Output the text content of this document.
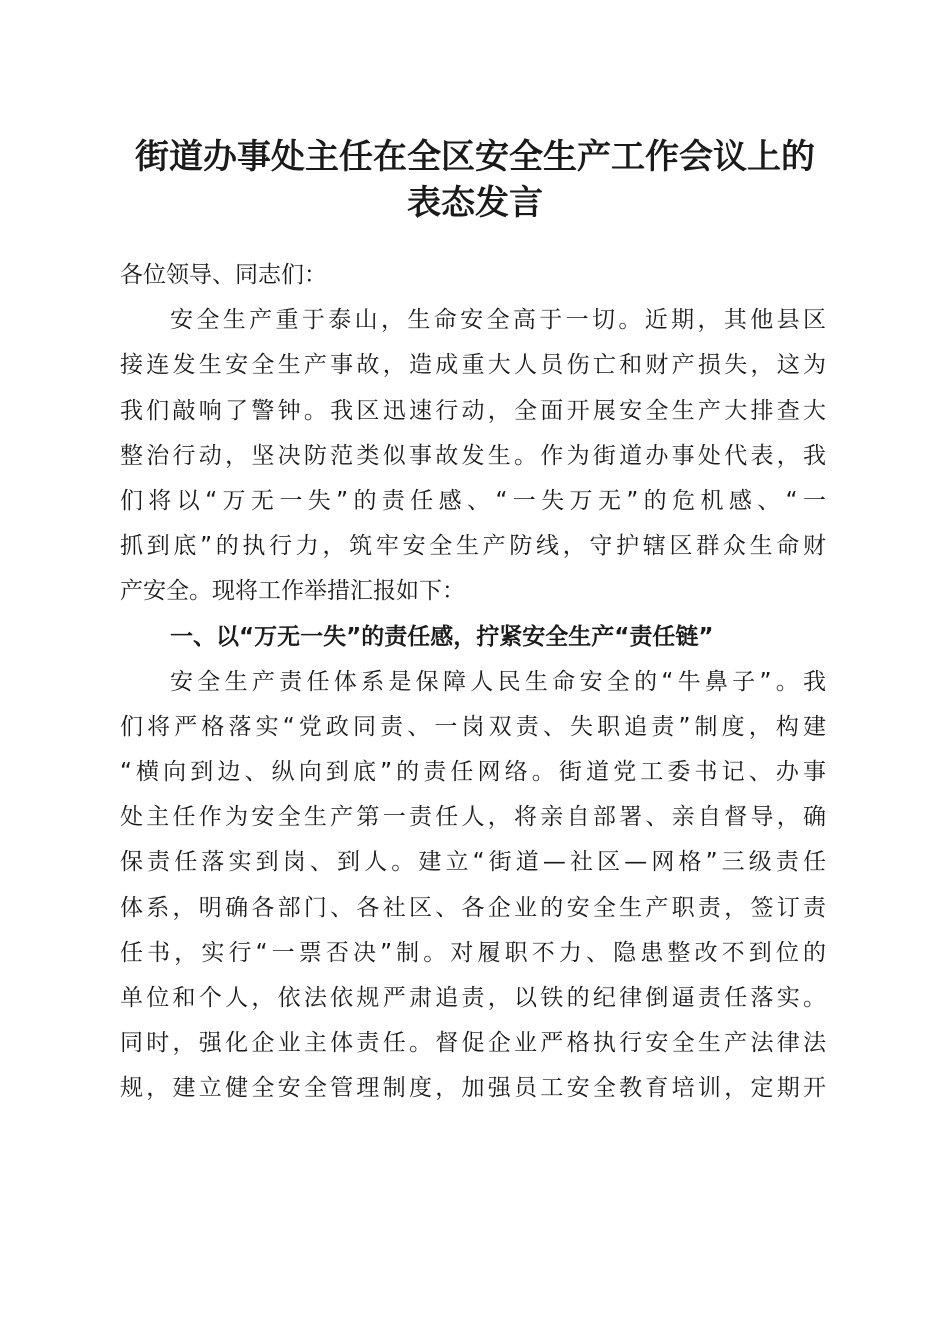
街道办事处主任在全区安全生产工作会议上的
表态发言
各位领导、同志们：
安全生产重于泰山，生命安全高于一切。近期，其他县区
接连发生安全生产事故，造成重大人员伤亡和财产损失，这为
我们敲响了警钟。我区迅速行动，全面开展安全生产大排查大
整治行动，坚决防范类似事故发生。作为街道办事处代表，我
们将以“万无一失”的责任感、“一失万无”的危机感、“一
抓到底”的执行力，筑牢安全生产防线，守护辖区群众生命财
产安全。现将工作举措汇报如下：
一、以“万无一失”的责任感，拧紧安全生产“责任链”
安全生产责任体系是保障人民生命安全的“牛鼻子”。我
们将严格落实“党政同责、一岗双责、失职追责”制度，构建
“横向到边、纵向到底”的责任网络。街道党工委书记、办事
处主任作为安全生产第一责任人，将亲自部署、亲自督导，确
保责任落实到岗、到人。建立“街道—社区—网格”三级责任
体系，明确各部门、各社区、各企业的安全生产职责，签订责
任书，实行“一票否决”制。对履职不力、隐患整改不到位的
单位和个人，依法依规严肃追责，以铁的纪律倒逼责任落实。
同时，强化企业主体责任。督促企业严格执行安全生产法律法
规，建立健全安全管理制度，加强员工安全教育培训，定期开
